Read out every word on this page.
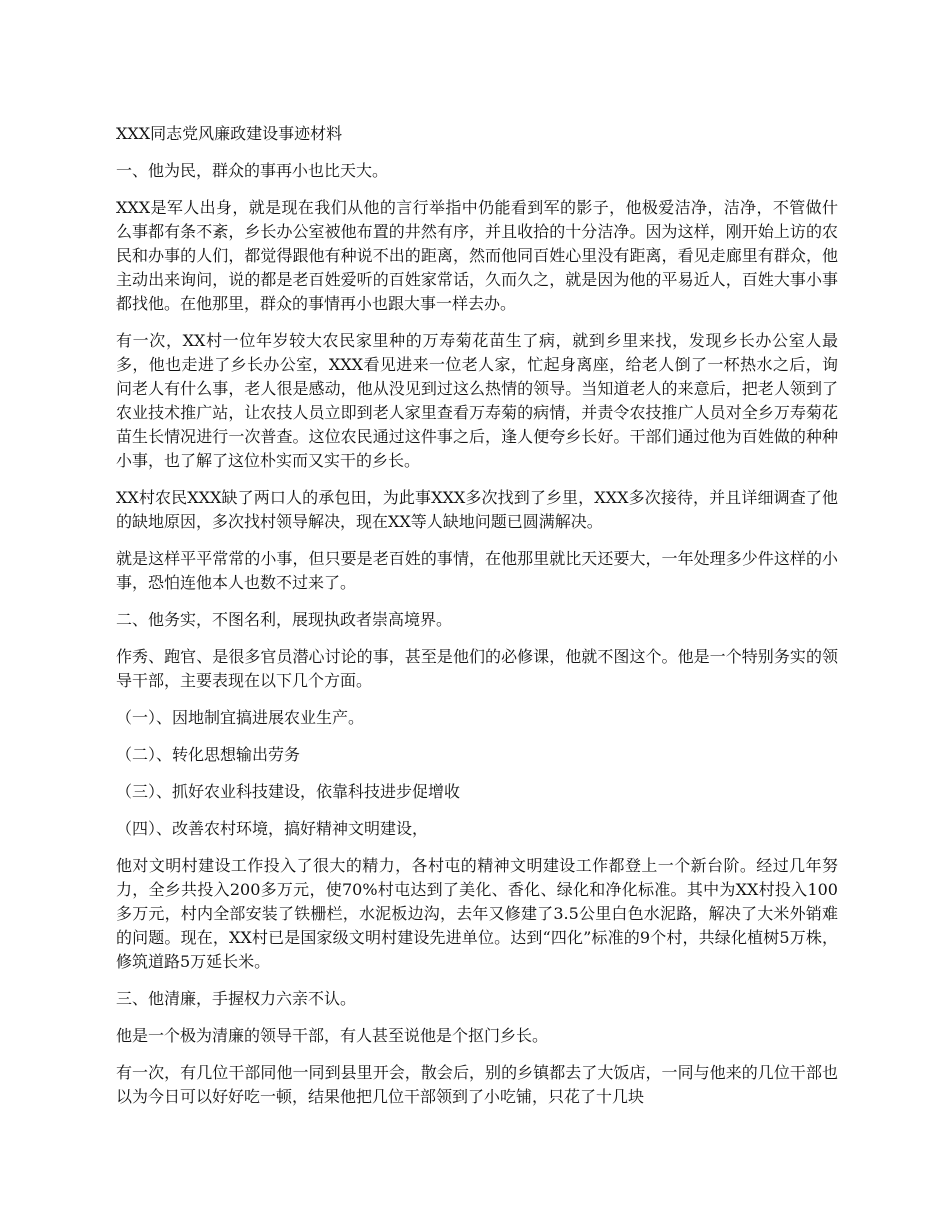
XXX同志党风廉政建设事迹材料

一、他为民，群众的事再小也比天大。

XXX是军人出身，就是现在我们从他的言行举指中仍能看到军的影子，他极爱洁净，洁净，不管做什么事都有条不紊，乡长办公室被他布置的井然有序，并且收拾的十分洁净。因为这样，刚开始上访的农民和办事的人们，都觉得跟他有种说不出的距离，然而他同百姓心里没有距离，看见走廊里有群众，他主动出来询问，说的都是老百姓爱听的百姓家常话，久而久之，就是因为他的平易近人，百姓大事小事都找他。在他那里，群众的事情再小也跟大事一样去办。

有一次，XX村一位年岁较大农民家里种的万寿菊花苗生了病，就到乡里来找，发现乡长办公室人最多，他也走进了乡长办公室，XXX看见进来一位老人家，忙起身离座，给老人倒了一杯热水之后，询问老人有什么事，老人很是感动，他从没见到过这么热情的领导。当知道老人的来意后，把老人领到了农业技术推广站，让农技人员立即到老人家里查看万寿菊的病情，并责令农技推广人员对全乡万寿菊花苗生长情况进行一次普查。这位农民通过这件事之后，逢人便夸乡长好。干部们通过他为百姓做的种种小事，也了解了这位朴实而又实干的乡长。

XX村农民XXX缺了两口人的承包田，为此事XXX多次找到了乡里，XXX多次接待，并且详细调查了他的缺地原因，多次找村领导解决，现在XX等人缺地问题已圆满解决。

就是这样平平常常的小事，但只要是老百姓的事情，在他那里就比天还要大，一年处理多少件这样的小事，恐怕连他本人也数不过来了。

二、他务实，不图名利，展现执政者崇高境界。

作秀、跑官、是很多官员潜心讨论的事，甚至是他们的必修课，他就不图这个。他是一个特别务实的领导干部，主要表现在以下几个方面。

（一）、因地制宜搞进展农业生产。

（二）、转化思想输出劳务

（三）、抓好农业科技建设，依靠科技进步促增收

（四）、改善农村环境，搞好精神文明建设，

他对文明村建设工作投入了很大的精力，各村屯的精神文明建设工作都登上一个新台阶。经过几年努力，全乡共投入200多万元，使70%村屯达到了美化、香化、绿化和净化标准。其中为XX村投入100多万元，村内全部安装了铁栅栏，水泥板边沟，去年又修建了3.5公里白色水泥路，解决了大米外销难的问题。现在，XX村已是国家级文明村建设先进单位。达到“四化”标准的9个村，共绿化植树5万株，修筑道路5万延长米。

三、他清廉，手握权力六亲不认。

他是一个极为清廉的领导干部，有人甚至说他是个抠门乡长。

有一次，有几位干部同他一同到县里开会，散会后，别的乡镇都去了大饭店，一同与他来的几位干部也以为今日可以好好吃一顿，结果他把几位干部领到了小吃铺，只花了十几块
